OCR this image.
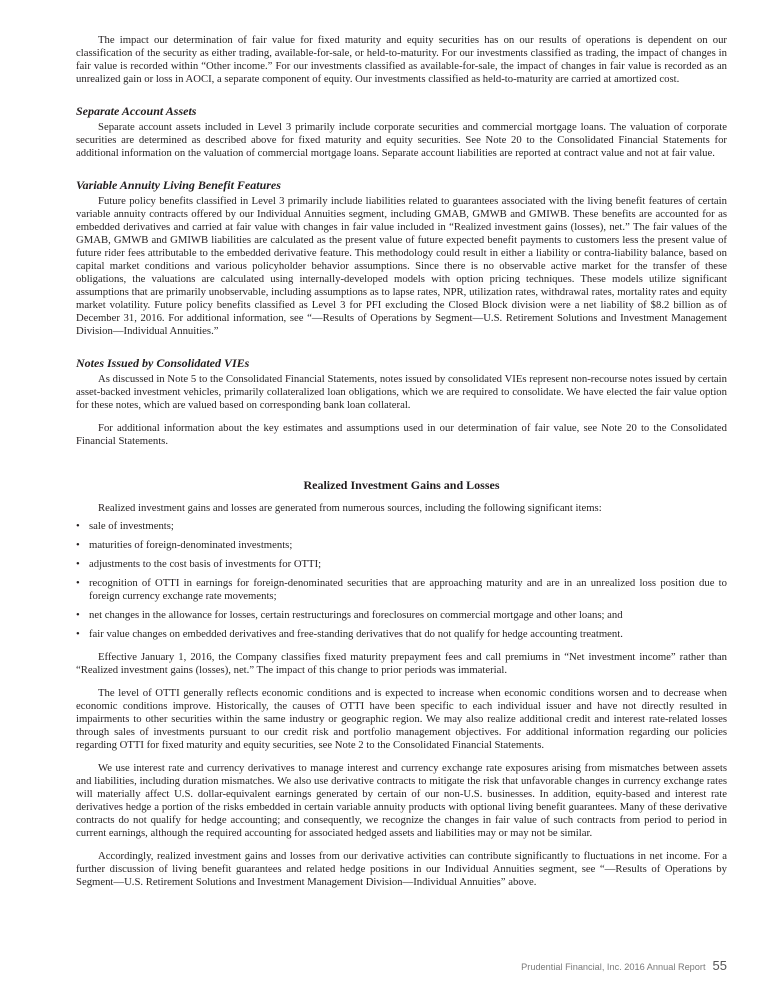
The impact our determination of fair value for fixed maturity and equity securities has on our results of operations is dependent on our classification of the security as either trading, available-for-sale, or held-to-maturity. For our investments classified as trading, the impact of changes in fair value is recorded within “Other income.” For our investments classified as available-for-sale, the impact of changes in fair value is recorded as an unrealized gain or loss in AOCI, a separate component of equity. Our investments classified as held-to-maturity are carried at amortized cost.

Separate Account Assets

Separate account assets included in Level 3 primarily include corporate securities and commercial mortgage loans. The valuation of corporate securities are determined as described above for fixed maturity and equity securities. See Note 20 to the Consolidated Financial Statements for additional information on the valuation of commercial mortgage loans. Separate account liabilities are reported at contract value and not at fair value.

Variable Annuity Living Benefit Features

Future policy benefits classified in Level 3 primarily include liabilities related to guarantees associated with the living benefit features of certain variable annuity contracts offered by our Individual Annuities segment, including GMAB, GMWB and GMIWB. These benefits are accounted for as embedded derivatives and carried at fair value with changes in fair value included in “Realized investment gains (losses), net.” The fair values of the GMAB, GMWB and GMIWB liabilities are calculated as the present value of future expected benefit payments to customers less the present value of future rider fees attributable to the embedded derivative feature. This methodology could result in either a liability or contra-liability balance, based on capital market conditions and various policyholder behavior assumptions. Since there is no observable active market for the transfer of these obligations, the valuations are calculated using internally-developed models with option pricing techniques. These models utilize significant assumptions that are primarily unobservable, including assumptions as to lapse rates, NPR, utilization rates, withdrawal rates, mortality rates and equity market volatility. Future policy benefits classified as Level 3 for PFI excluding the Closed Block division were a net liability of $8.2 billion as of December 31, 2016. For additional information, see “—Results of Operations by Segment—U.S. Retirement Solutions and Investment Management Division—Individual Annuities.”

Notes Issued by Consolidated VIEs

As discussed in Note 5 to the Consolidated Financial Statements, notes issued by consolidated VIEs represent non-recourse notes issued by certain asset-backed investment vehicles, primarily collateralized loan obligations, which we are required to consolidate. We have elected the fair value option for these notes, which are valued based on corresponding bank loan collateral.

For additional information about the key estimates and assumptions used in our determination of fair value, see Note 20 to the Consolidated Financial Statements.

Realized Investment Gains and Losses

Realized investment gains and losses are generated from numerous sources, including the following significant items:

• sale of investments;
• maturities of foreign-denominated investments;
• adjustments to the cost basis of investments for OTTI;
• recognition of OTTI in earnings for foreign-denominated securities that are approaching maturity and are in an unrealized loss position due to foreign currency exchange rate movements;
• net changes in the allowance for losses, certain restructurings and foreclosures on commercial mortgage and other loans; and
• fair value changes on embedded derivatives and free-standing derivatives that do not qualify for hedge accounting treatment.

Effective January 1, 2016, the Company classifies fixed maturity prepayment fees and call premiums in “Net investment income” rather than “Realized investment gains (losses), net.” The impact of this change to prior periods was immaterial.

The level of OTTI generally reflects economic conditions and is expected to increase when economic conditions worsen and to decrease when economic conditions improve. Historically, the causes of OTTI have been specific to each individual issuer and have not directly resulted in impairments to other securities within the same industry or geographic region. We may also realize additional credit and interest rate-related losses through sales of investments pursuant to our credit risk and portfolio management objectives. For additional information regarding our policies regarding OTTI for fixed maturity and equity securities, see Note 2 to the Consolidated Financial Statements.

We use interest rate and currency derivatives to manage interest and currency exchange rate exposures arising from mismatches between assets and liabilities, including duration mismatches. We also use derivative contracts to mitigate the risk that unfavorable changes in currency exchange rates will materially affect U.S. dollar-equivalent earnings generated by certain of our non-U.S. businesses. In addition, equity-based and interest rate derivatives hedge a portion of the risks embedded in certain variable annuity products with optional living benefit guarantees. Many of these derivative contracts do not qualify for hedge accounting; and consequently, we recognize the changes in fair value of such contracts from period to period in current earnings, although the required accounting for associated hedged assets and liabilities may or may not be similar.

Accordingly, realized investment gains and losses from our derivative activities can contribute significantly to fluctuations in net income. For a further discussion of living benefit guarantees and related hedge positions in our Individual Annuities segment, see “—Results of Operations by Segment—U.S. Retirement Solutions and Investment Management Division—Individual Annuities” above.

Prudential Financial, Inc. 2016 Annual Report 55
